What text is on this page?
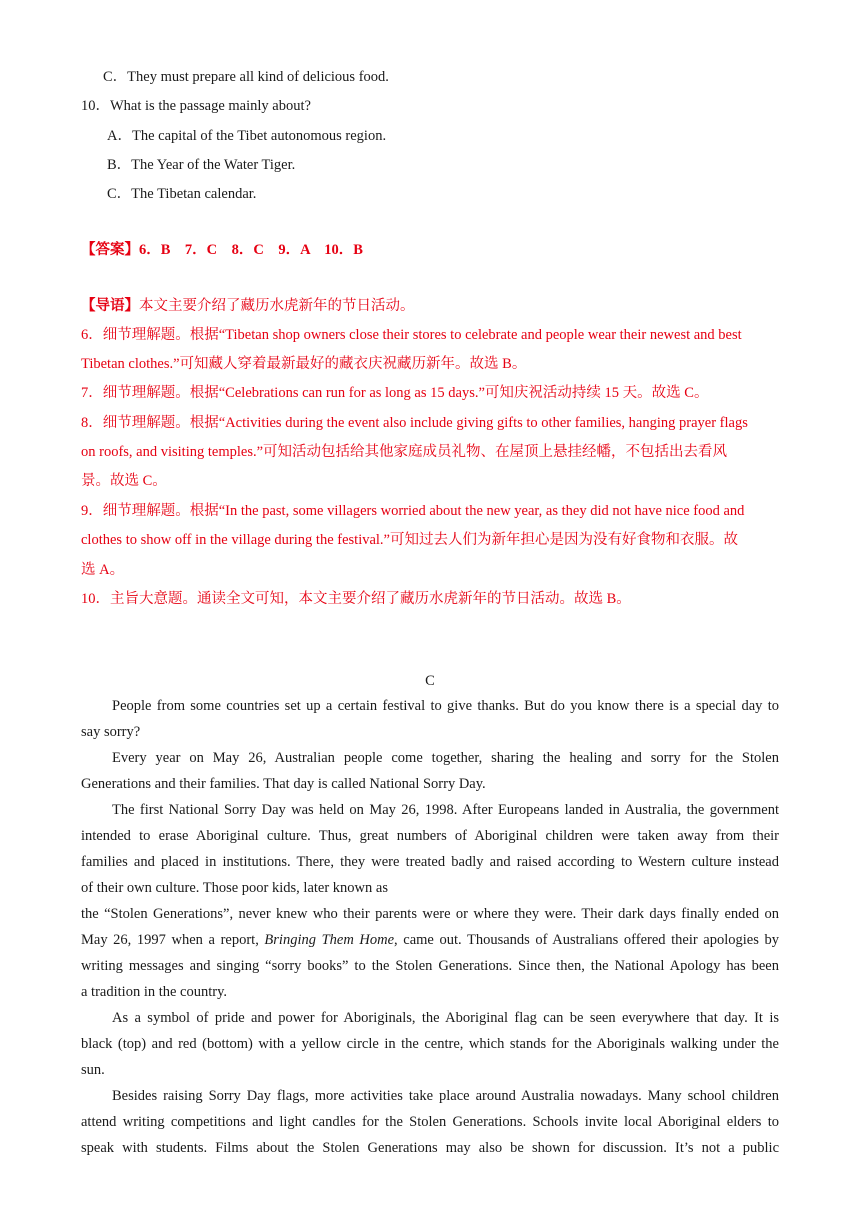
C．They must prepare all kind of delicious food.
10．What is the passage mainly about?
A．The capital of the Tibet autonomous region.
B．The Year of the Water Tiger.
C．The Tibetan calendar.
【答案】6．B　7．C　8．C　9．A　10．B
【导语】本文主要介绍了藏历水虎新年的节日活动。
6．细节理解题。根据“Tibetan shop owners close their stores to celebrate and people wear their newest and best
Tibetan clothes.”可知藏人穿着最新最好的藏衣庆祝藏历新年。故选 B。
7．细节理解题。根据“Celebrations can run for as long as 15 days.”可知庆祝活动持续 15 天。故选 C。
8．细节理解题。根据“Activities during the event also include giving gifts to other families, hanging prayer flags
on roofs, and visiting temples.”可知活动包括给其他家庭成员礼物、在屋顶上悬挂经幡，不包括出去看风
景。故选 C。
9．细节理解题。根据“In the past, some villagers worried about the new year, as they did not have nice food and
clothes to show off in the village during the festival.”可知过去人们为新年担心是因为没有好食物和衣服。故
选 A。
10．主旨大意题。通读全文可知，本文主要介绍了藏历水虎新年的节日活动。故选 B。
C
People from some countries set up a certain festival to give thanks. But do you know there is a special day to
say sorry?
Every year on May 26, Australian people come together, sharing the healing and sorry for the Stolen
Generations and their families. That day is called National Sorry Day.
The first National Sorry Day was held on May 26, 1998. After Europeans landed in Australia, the government
intended to erase Aboriginal culture. Thus, great numbers of Aboriginal children were taken away from their
families and placed in institutions. There, they were treated badly and raised according to Western culture instead
of their own culture. Those poor kids, later known as
the “Stolen Generations”, never knew who their parents were or where they were. Their dark days finally ended on
May 26, 1997 when a report, Bringing Them Home, came out. Thousands of Australians offered their apologies by
writing messages and singing “sorry books” to the Stolen Generations. Since then, the National Apology has been
a tradition in the country.
As a symbol of pride and power for Aboriginals, the Aboriginal flag can be seen everywhere that day. It is
black (top) and red (bottom) with a yellow circle in the centre, which stands for the Aboriginals walking under the
sun.
Besides raising Sorry Day flags, more activities take place around Australia nowadays. Many school children
attend writing competitions and light candles for the Stolen Generations. Schools invite local Aboriginal elders to
speak with students. Films about the Stolen Generations may also be shown for discussion. It’s not a public
